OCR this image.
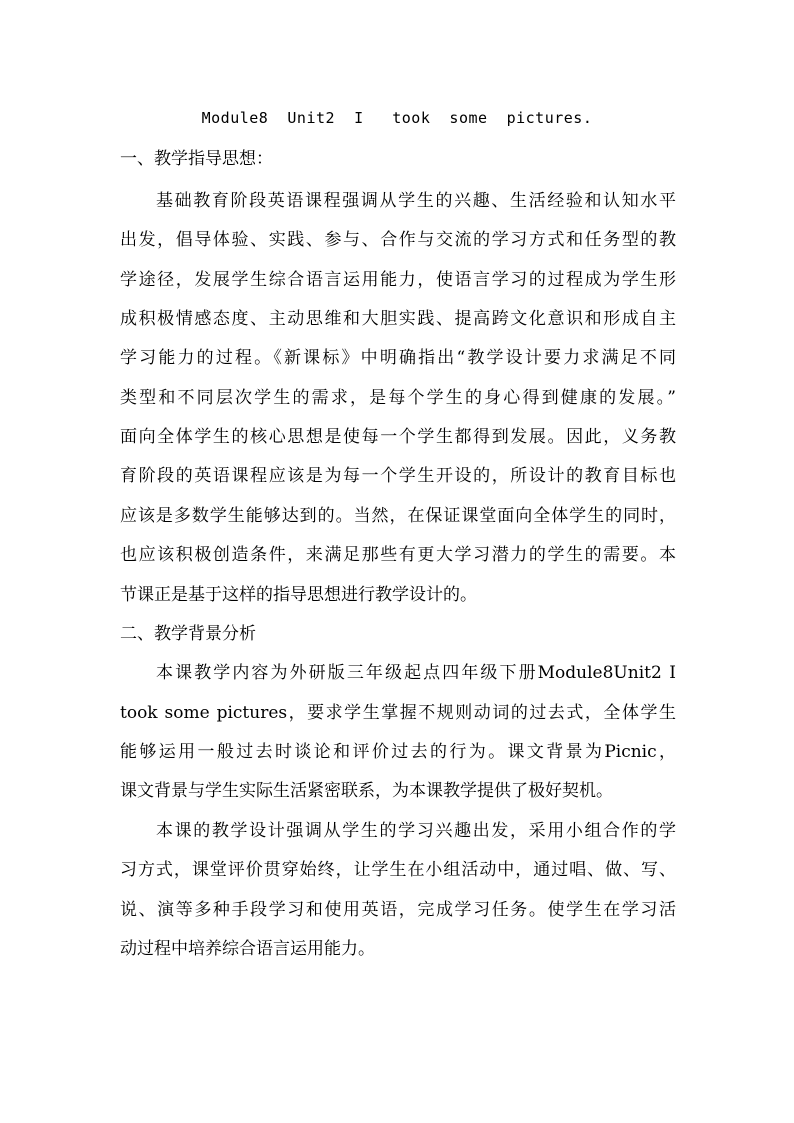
Module8  Unit2  I   took  some  pictures.
一、教学指导思想：
基础教育阶段英语课程强调从学生的兴趣、生活经验和认知水平
出发，倡导体验、实践、参与、合作与交流的学习方式和任务型的教
学途径，发展学生综合语言运用能力，使语言学习的过程成为学生形
成积极情感态度、主动思维和大胆实践、提高跨文化意识和形成自主
学习能力的过程。《新课标》中明确指出“教学设计要力求满足不同
类型和不同层次学生的需求，是每个学生的身心得到健康的发展。”
面向全体学生的核心思想是使每一个学生都得到发展。因此，义务教
育阶段的英语课程应该是为每一个学生开设的，所设计的教育目标也
应该是多数学生能够达到的。当然，在保证课堂面向全体学生的同时，
也应该积极创造条件，来满足那些有更大学习潜力的学生的需要。本
节课正是基于这样的指导思想进行教学设计的。
二、教学背景分析
本课教学内容为外研版三年级起点四年级下册Module8Unit2 I
took some pictures，要求学生掌握不规则动词的过去式，全体学生
能够运用一般过去时谈论和评价过去的行为。课文背景为Picnic，
课文背景与学生实际生活紧密联系，为本课教学提供了极好契机。
本课的教学设计强调从学生的学习兴趣出发，采用小组合作的学
习方式，课堂评价贯穿始终，让学生在小组活动中，通过唱、做、写、
说、演等多种手段学习和使用英语，完成学习任务。使学生在学习活
动过程中培养综合语言运用能力。
